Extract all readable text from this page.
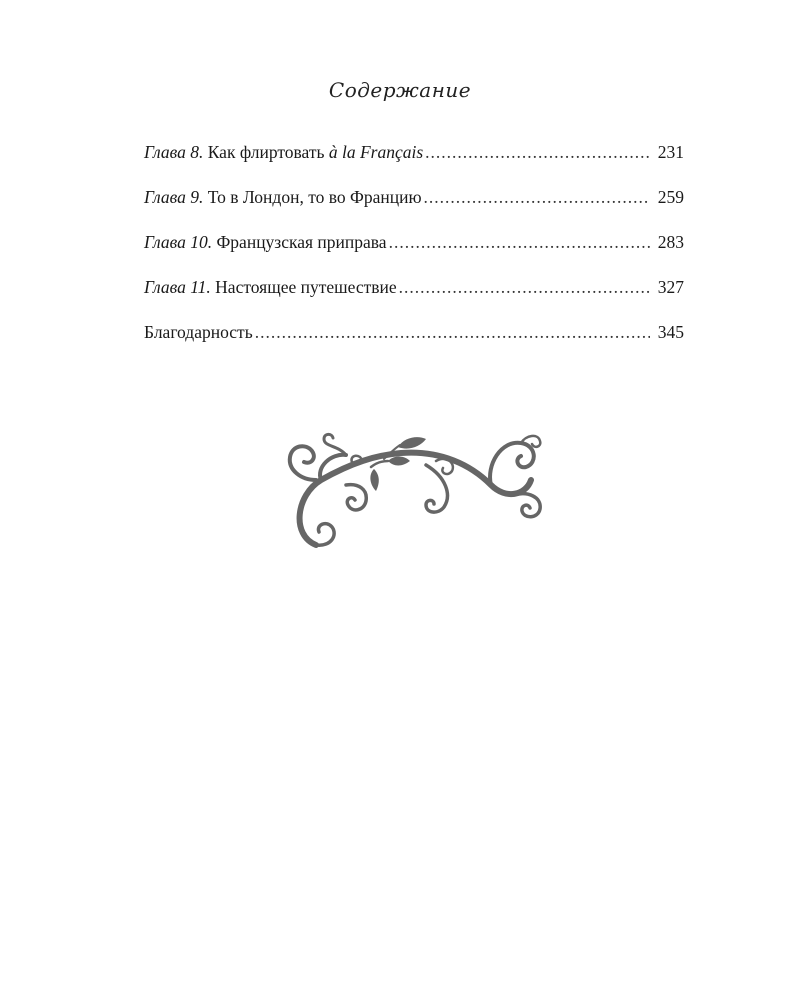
Содержание
Глава 8.
Как флиртовать
à la Français .....	231
Глава 9.
То в Лондон, то во Францию .....	259
Глава 10.
Французская приправа .....	283
Глава 11.
Настоящее путешествие .....	327
Благодарность .....	345
